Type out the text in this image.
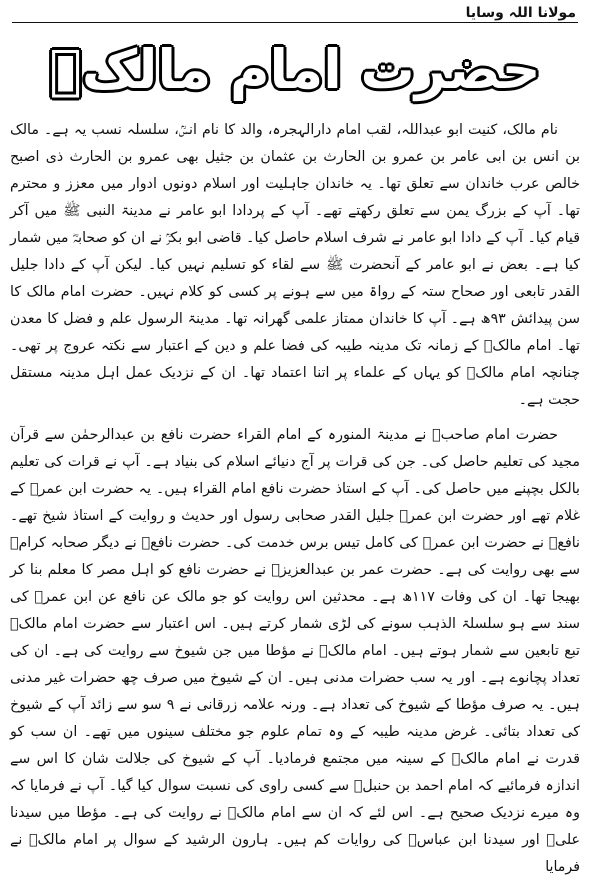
مولانا اللہ وسایا
حضرت امام مالکؒ

نام مالک، کنیت ابو عبداللہ، لقب امام دارالہجرہ، والد کا نام انسؒ، سلسلہ نسب یہ ہے۔ مالک بن انس بن ابی عامر بن عمرو بن الحارث بن عثمان بن جثیل بھی عمرو بن الحارث ذی اصبح خالص عرب خاندان سے تعلق تھا۔ یہ خاندان جاہلیت اور اسلام دونوں ادوار میں معزز و محترم تھا۔ آپ کے بزرگ یمن سے تعلق رکھتے تھے۔ آپ کے پردادا ابو عامر نے مدینۃ النبی ﷺ میں آکر قیام کیا۔ آپ کے دادا ابو عامر نے شرف اسلام حاصل کیا۔ قاضی ابو بکرؒ نے ان کو صحابہؓ میں شمار کیا ہے۔ بعض نے ابو عامر کے آنحضرت ﷺ سے لقاء کو تسلیم نہیں کیا۔ لیکن آپ کے دادا جلیل القدر تابعی اور صحاح ستہ کے رواۃ میں سے ہونے پر کسی کو کلام نہیں۔ حضرت امام مالک کا سن پیدائش ۹۳ھ ہے۔ آپ کا خاندان ممتاز علمی گھرانہ تھا۔ مدینۃ الرسول علم و فضل کا معدن تھا۔ امام مالکؒ کے زمانہ تک مدینہ طیبہ کی فضا علم و دین کے اعتبار سے نکتہ عروج پر تھی۔ چنانچہ امام مالکؒ کو یہاں کے علماء پر اتنا اعتماد تھا۔ ان کے نزدیک عمل اہل مدینہ مستقل حجت ہے۔

حضرت امام صاحبؒ نے مدینۃ المنورہ کے امام القراء حضرت نافع بن عبدالرحمٰن سے قرآن مجید کی تعلیم حاصل کی۔ جن کی قرات پر آج دنیائے اسلام کی بنیاد ہے۔ آپ نے قرات کی تعلیم بالکل بچپنے میں حاصل کی۔ آپ کے استاذ حضرت نافع امام القراء ہیں۔ یہ حضرت ابن عمرؓ کے غلام تھے اور حضرت ابن عمرؓ جلیل القدر صحابی رسول اور حدیث و روایت کے استاذ شیخ تھے۔ نافعؒ نے حضرت ابن عمرؓ کی کامل تیس برس خدمت کی۔ حضرت نافعؒ نے دیگر صحابہ کرامؓ سے بھی روایت کی ہے۔ حضرت عمر بن عبدالعزیزؒ نے حضرت نافع کو اہل مصر کا معلم بنا کر بھیجا تھا۔ ان کی وفات ۱۱۷ھ ہے۔ محدثین اس روایت کو جو مالک عن نافع عن ابن عمرؓ کی سند سے ہو سلسلۃ الذہب سونے کی لڑی شمار کرتے ہیں۔ اس اعتبار سے حضرت امام مالکؒ تبع تابعین سے شمار ہوتے ہیں۔ امام مالکؒ نے مؤطا میں جن شیوخ سے روایت کی ہے۔ ان کی تعداد پچانوے ہے۔ اور یہ سب حضرات مدنی ہیں۔ ان کے شیوخ میں صرف چھ حضرات غیر مدنی ہیں۔ یہ صرف مؤطا کے شیوخ کی تعداد ہے۔ ورنہ علامہ زرقانی نے ۹ سو سے زائد آپ کے شیوخ کی تعداد بتائی۔ غرض مدینہ طیبہ کے وہ تمام علوم جو مختلف سینوں میں تھے۔ ان سب کو قدرت نے امام مالکؒ کے سینہ میں مجتمع فرمادیا۔ آپ کے شیوخ کی جلالت شان کا اس سے اندازہ فرمائیے کہ امام احمد بن حنبلؒ سے کسی راوی کی نسبت سوال کیا گیا۔ آپ نے فرمایا کہ وہ میرے نزدیک صحیح ہے۔ اس لئے کہ ان سے امام مالکؒ نے روایت کی ہے۔ مؤطا میں سیدنا علیؓ اور سیدنا ابن عباسؓ کی روایات کم ہیں۔ ہارون الرشید کے سوال پر امام مالکؒ نے فرمایا
